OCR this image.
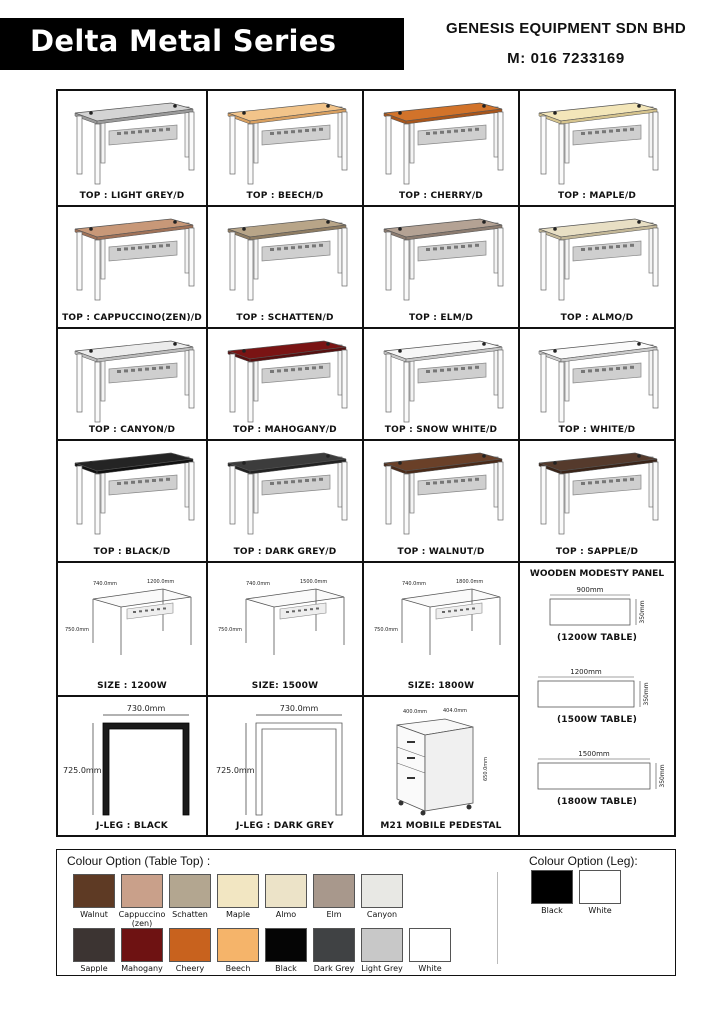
Delta Metal Series	GENESIS EQUIPMENT SDN BHD
M: 016 7233169
TOP : LIGHT GREY/D	TOP : BEECH/D	TOP : CHERRY/D	TOP : MAPLE/D
TOP : CAPPUCCINO(ZEN)/D	TOP : SCHATTEN/D	TOP : ELM/D	TOP : ALMO/D
TOP : CANYON/D	TOP : MAHOGANY/D	TOP : SNOW WHITE/D	TOP : WHITE/D
TOP : BLACK/D	TOP : DARK GREY/D	TOP : WALNUT/D	TOP : SAPPLE/D
740.0mm	1200.0mm
750.0mm
SIZE : 1200W
740.0mm	1500.0mm
750.0mm
SIZE: 1500W
740.0mm	1800.0mm
750.0mm
SIZE: 1800W
WOODEN MODESTY PANEL
900mm
350mm
(1200W TABLE)
1200mm
350mm
(1500W TABLE)
1500mm
350mm
(1800W TABLE)
730.0mm
725.0mm
J-LEG : BLACK
730.0mm
725.0mm
J-LEG : DARK GREY
400.0mm	404.0mm
650.0mm
M21 MOBILE PEDESTAL
Colour Option (Table Top) :	Colour Option (Leg):
Walnut	Cappuccino
(zen)
Schatten	Maple	Almo	Elm	Canyon
Sapple	Mahogany	Cheery	Beech	Black	Dark Grey Light Grey	White
Black	White
